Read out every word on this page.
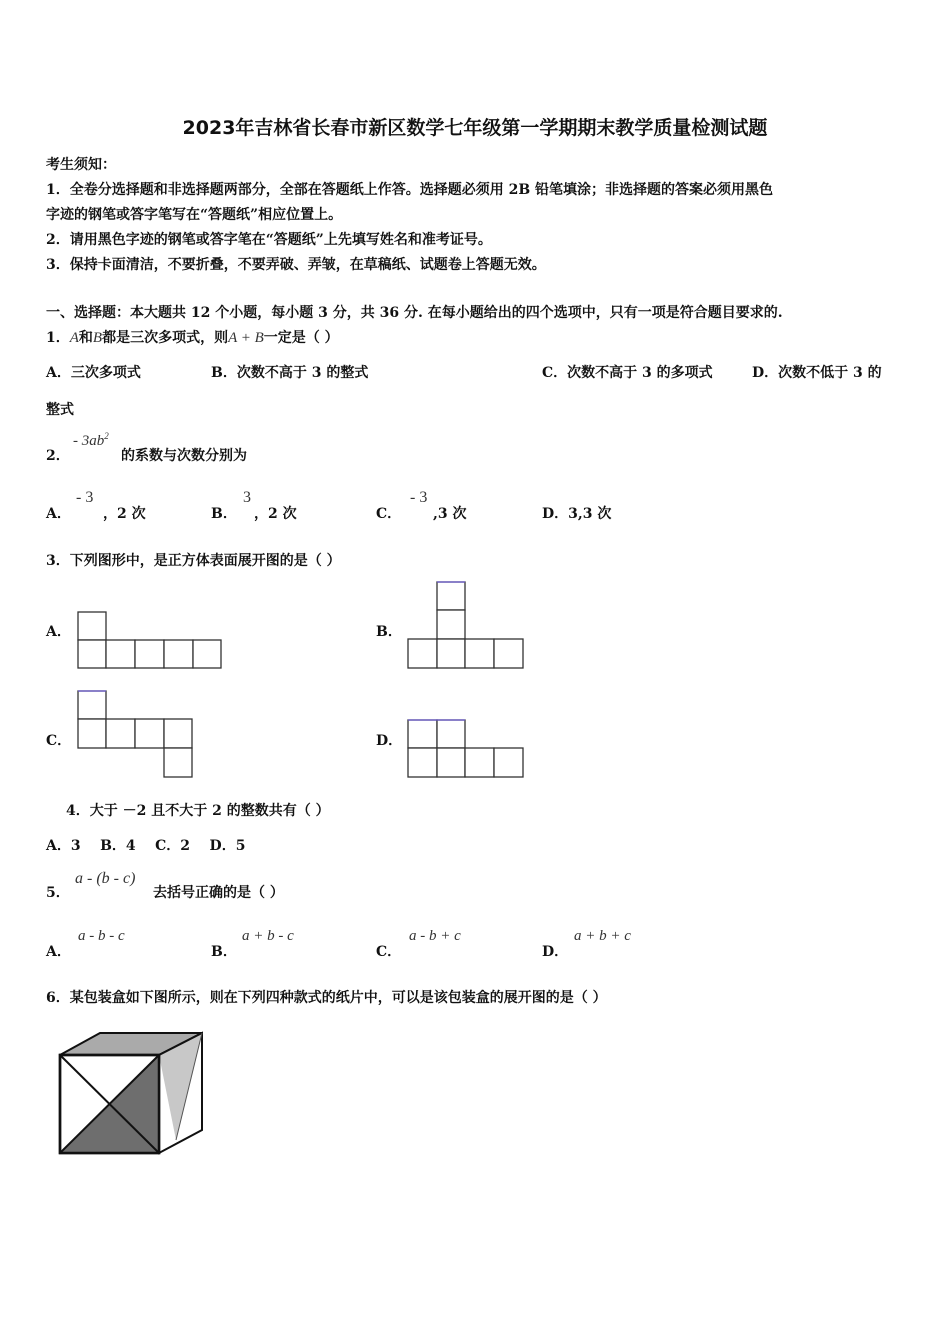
2023年吉林省长春市新区数学七年级第一学期期末教学质量检测试题
考生须知：
1．全卷分选择题和非选择题两部分，全部在答题纸上作答。选择题必须用 2B 铅笔填涂；非选择题的答案必须用黑色
字迹的钢笔或答字笔写在“答题纸”相应位置上。
2．请用黑色字迹的钢笔或答字笔在“答题纸”上先填写姓名和准考证号。
3．保持卡面清洁，不要折叠，不要弄破、弄皱，在草稿纸、试题卷上答题无效。
一、选择题：本大题共 12 个小题，每小题 3 分，共 36 分. 在每小题给出的四个选项中，只有一项是符合题目要求的.
1．A和B都是三次多项式，则A + B一定是（ ）
A．三次多项式	B．次数不高于 3 的整式	C．次数不高于 3 的多项式	D．次数不低于 3 的
整式
2．
- $3ab^2$
的系数与次数分别为
A．
- 3
，2 次	B．
3
，2 次	C．
- 3
,3 次	D．3,3 次
3．下列图形中，是正方体表面展开图的是（ ）
A．	B．
C．	D．
4．大于 －2 且不大于 2 的整数共有（ ）
A．3    B．4    C．2    D．5
5．
a - (b - c)
去括号正确的是（ ）
A．
a - b - c
B．
a + b - c
C．
a - b + c
D．
a + b + c
6．某包装盒如下图所示，则在下列四种款式的纸片中，可以是该包装盒的展开图的是（ ）
